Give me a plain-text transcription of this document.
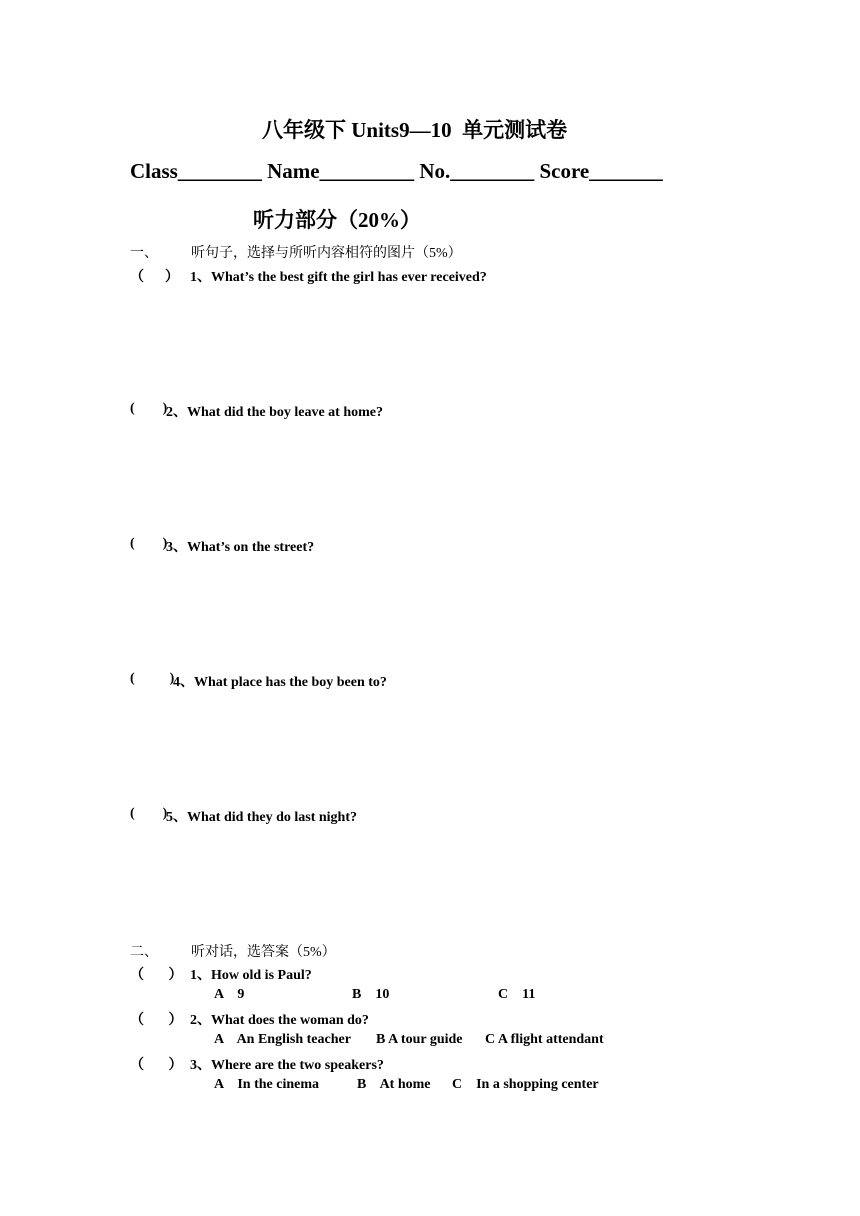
八年级下 Units9—10  单元测试卷
Class________ Name_________ No.________ Score_______
听力部分（20%）
一、 听句子，选择与所听内容相符的图片（5%）
（      ） 1、What’s the best gift the girl has ever received?
(        )
2、What did the boy leave at home?
(        )
3、What’s on the street?
(          )
4、What place has the boy been to?
(        )
5、What did they do last night?
二、 听对话，选答案（5%）
（       ） 1、How old is Paul?
A    9	B    10	C    11
（       ） 2、What does the woman do?
A    An English teacher B A tour guide C A flight attendant
（       ） 3、Where are the two speakers?
A    In the cinema	B    At home C    In a shopping center
